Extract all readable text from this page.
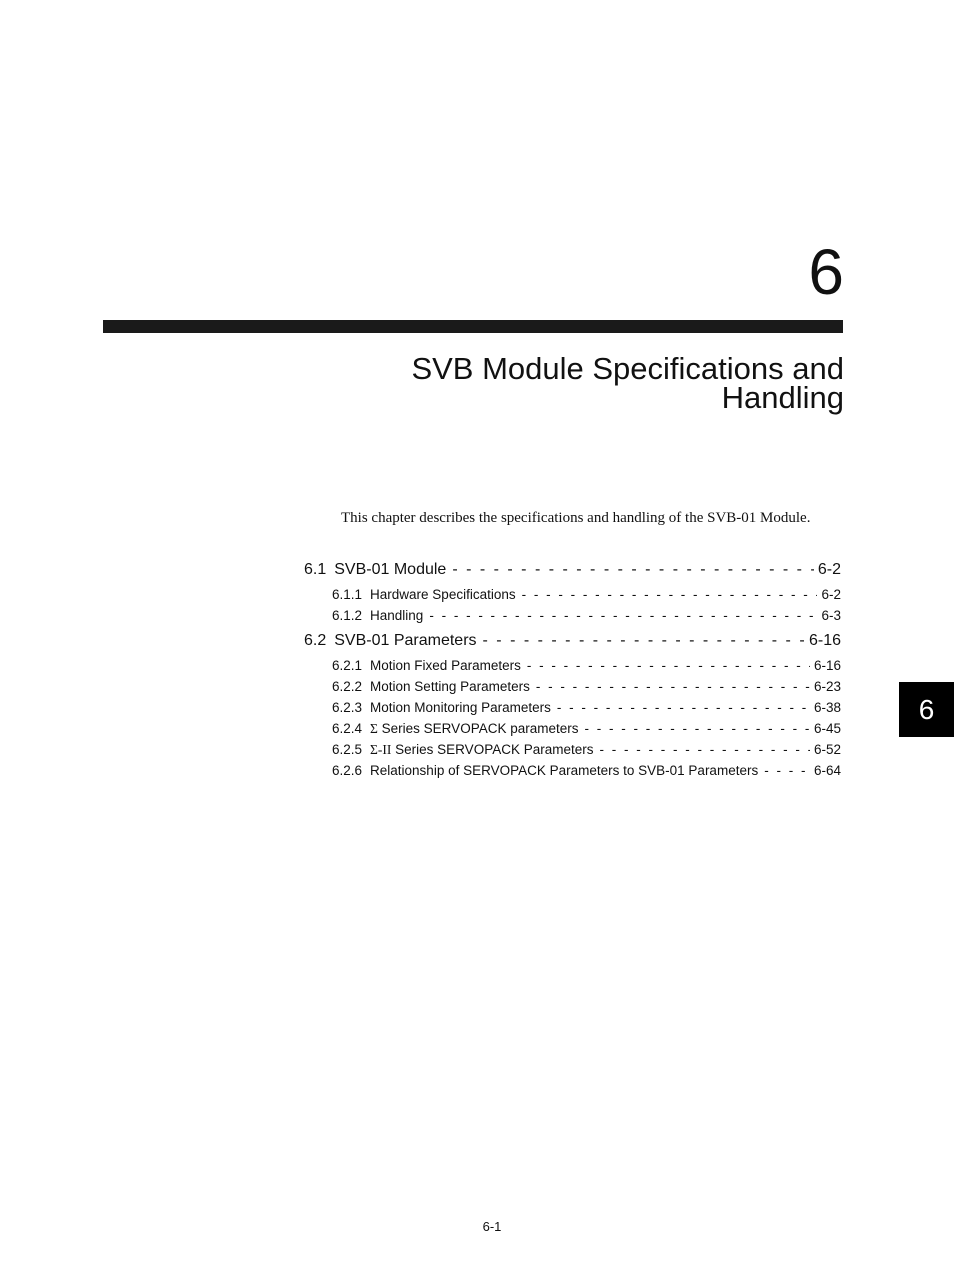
6
SVB Module Specifications and
Handling
This chapter describes the specifications and handling of the SVB-01 Module.
6.1 SVB-01 Module - - -	6-2
6.1.1 Hardware Specifications - - -	6-2
6.1.2 Handling - - -	6-3
6.2 SVB-01 Parameters - - -	6-16
6.2.1 Motion Fixed Parameters - - -	6-16
6.2.2 Motion Setting Parameters - - -	6-23
6.2.3 Motion Monitoring Parameters - - -	6-38
6.2.4 Σ Series SERVOPACK parameters - - -	6-45
6.2.5 Σ-II Series SERVOPACK Parameters - - -	6-52
6.2.6 Relationship of SERVOPACK Parameters to SVB-01 Parameters - - -	6-64
6
6-1
